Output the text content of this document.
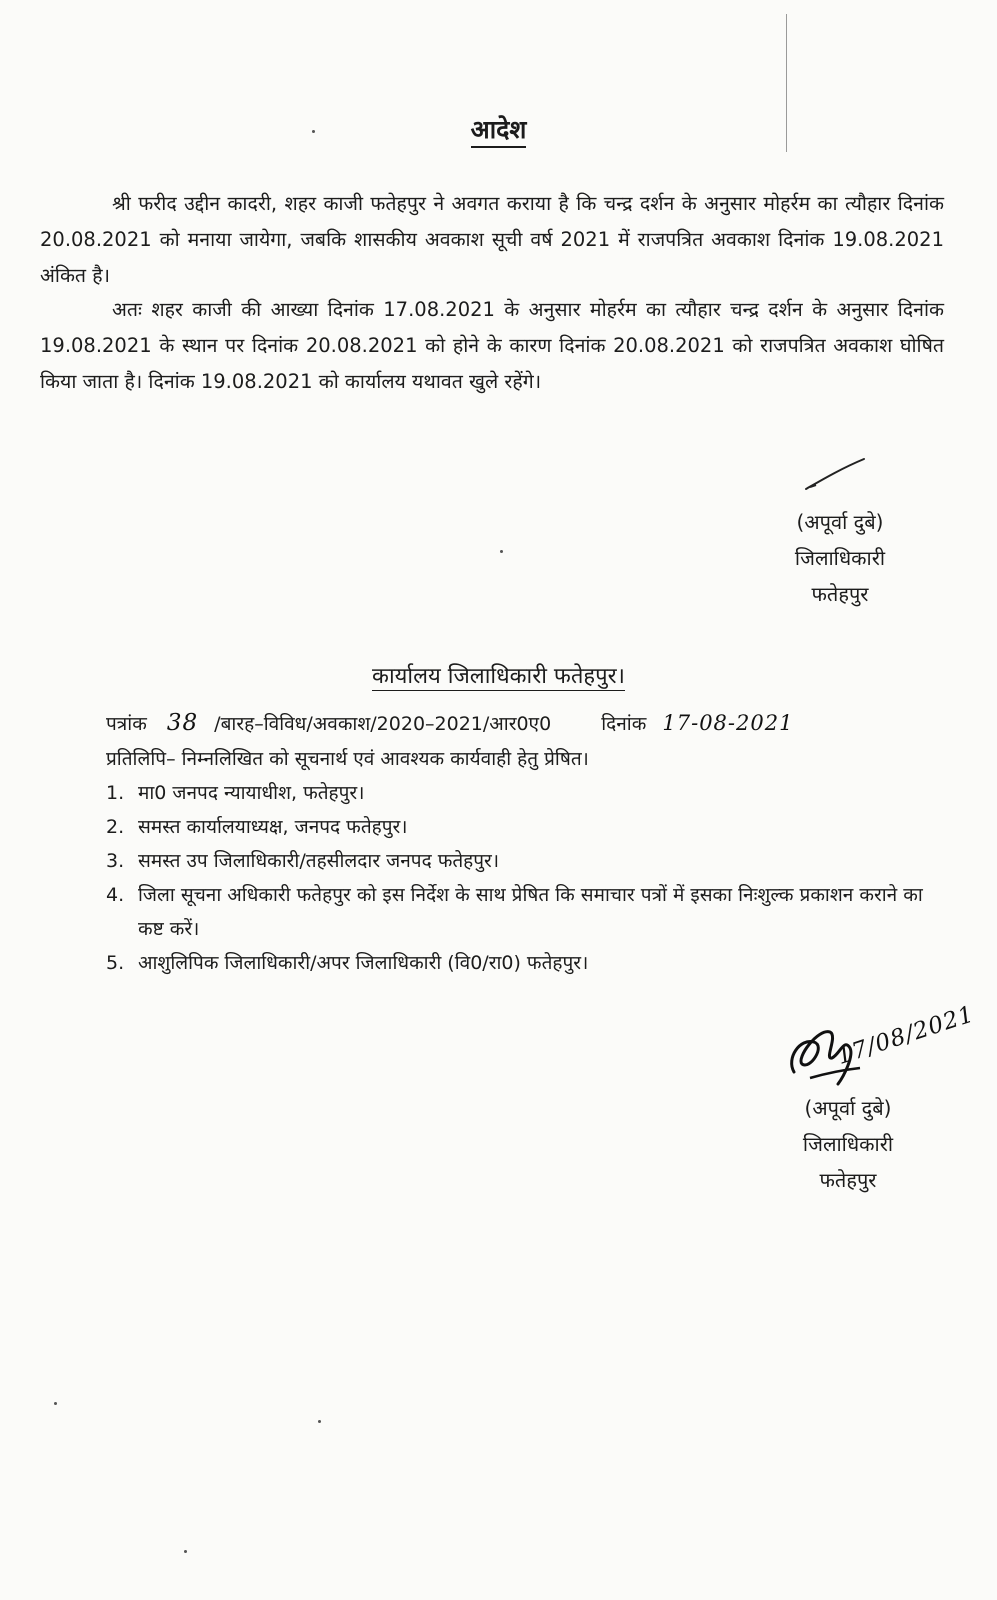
आदेश

श्री फरीद उद्दीन कादरी, शहर काजी फतेहपुर ने अवगत कराया है कि चन्द्र दर्शन के अनुसार मोहर्रम का त्यौहार दिनांक 20.08.2021 को मनाया जायेगा, जबकि शासकीय अवकाश सूची वर्ष 2021 में राजपत्रित अवकाश दिनांक 19.08.2021 अंकित है।

अतः शहर काजी की आख्या दिनांक 17.08.2021 के अनुसार मोहर्रम का त्यौहार चन्द्र दर्शन के अनुसार दिनांक 19.08.2021 के स्थान पर दिनांक 20.08.2021 को होने के कारण दिनांक 20.08.2021 को राजपत्रित अवकाश घोषित किया जाता है। दिनांक 19.08.2021 को कार्यालय यथावत खुले रहेंगे।

(अपूर्वा दुबे)
जिलाधिकारी
फतेहपुर
कार्यालय जिलाधिकारी फतेहपुर।
पत्रांक 38 /बारह–विविध/अवकाश/2020–2021/आर0ए0	दिनांक 17-08-2021
प्रतिलिपि– निम्नलिखित को सूचनार्थ एवं आवश्यक कार्यवाही हेतु प्रेषित।
1. मा0 जनपद न्यायाधीश, फतेहपुर।
2. समस्त कार्यालयाध्यक्ष, जनपद फतेहपुर।
3. समस्त उप जिलाधिकारी/तहसीलदार जनपद फतेहपुर।
4. जिला सूचना अधिकारी फतेहपुर को इस निर्देश के साथ प्रेषित कि समाचार पत्रों में इसका निःशुल्क प्रकाशन कराने का कष्ट करें।
5. आशुलिपिक जिलाधिकारी/अपर जिलाधिकारी (वि0/रा0) फतेहपुर।
17/08/2021
(अपूर्वा दुबे)
जिलाधिकारी
फतेहपुर
